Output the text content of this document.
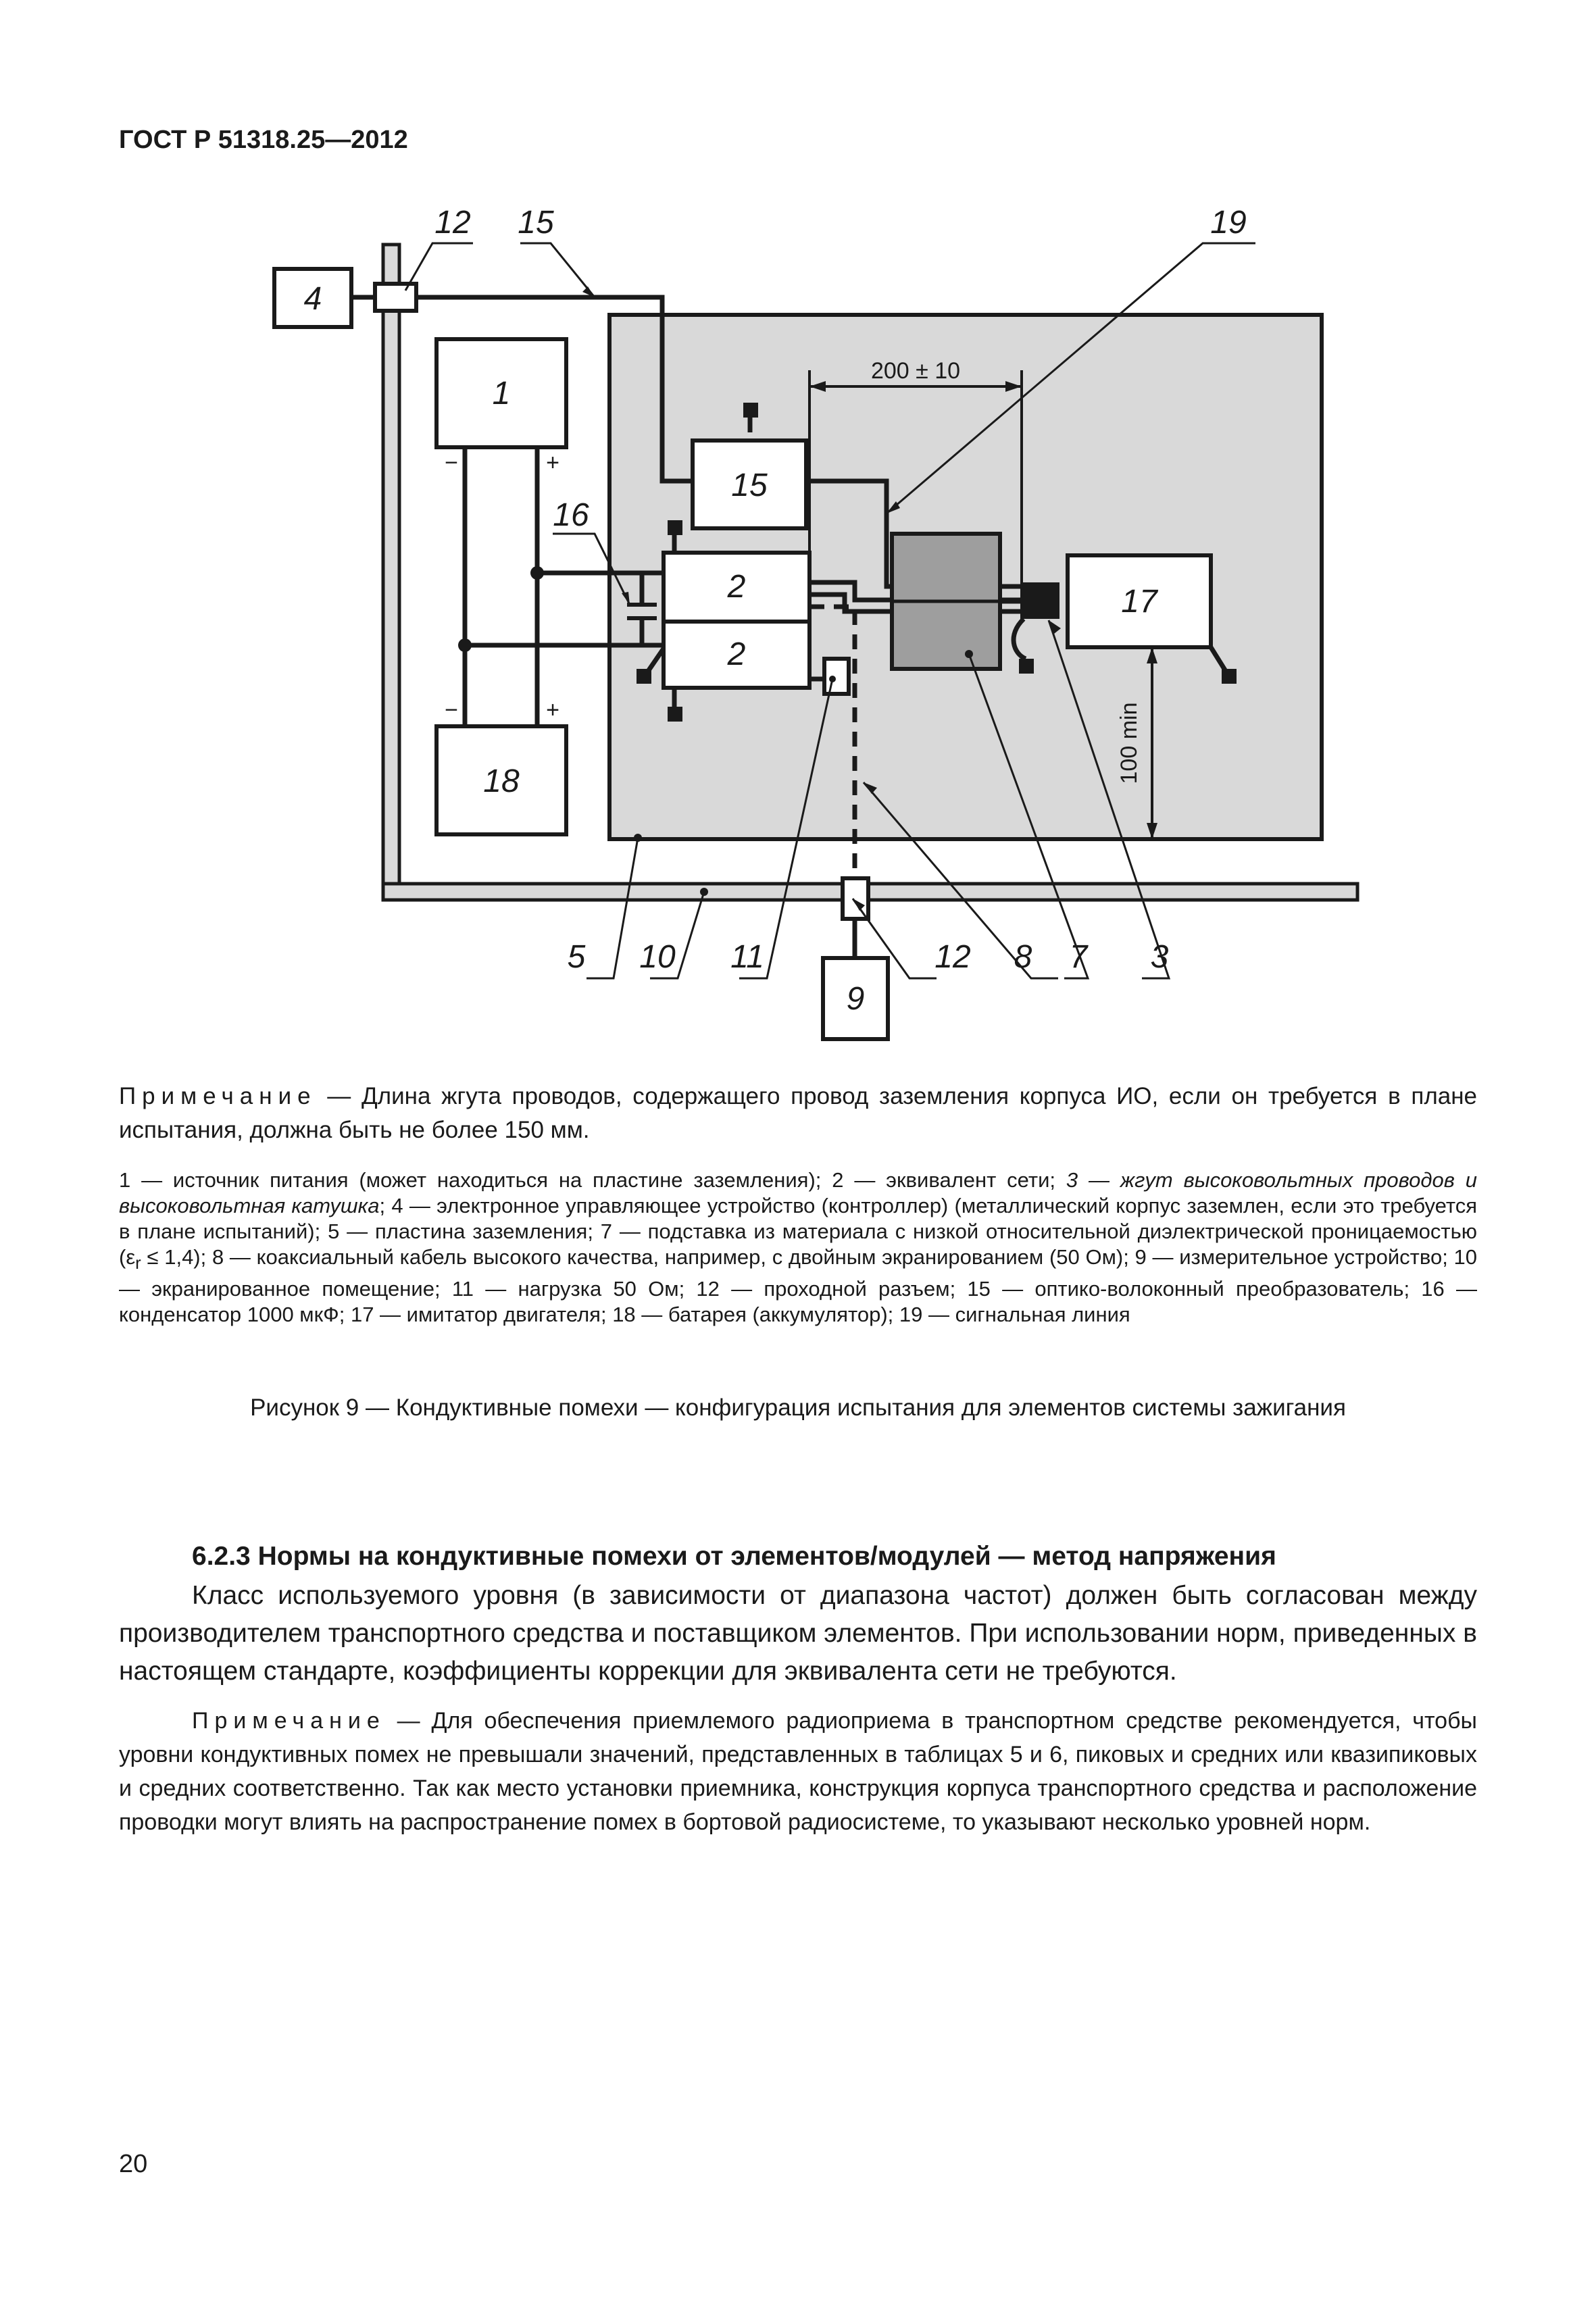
ГОСТ Р 51318.25—2012
4
12 15	19
1
18
15
16
2
2
17
9
5 10 11	12 8 7 3
−	+
−	+
200 ± 10
100 min
Примечание — Длина жгута проводов, содержащего провод заземления корпуса ИО, если он требуется в плане испытания, должна быть не более 150 мм.
1 — источник питания (может находиться на пластине заземления); 2 — эквивалент сети; 3 — жгут высоковольтных проводов и высоковольтная катушка; 4 — электронное управляющее устройство (контроллер) (металлический корпус заземлен, если это требуется в плане испытаний); 5 — пластина заземления; 7 — подставка из материала с низкой относительной диэлектрической проницаемостью $(\varepsilon_r \le 1,4)$; 8 — коаксиальный кабель высокого качества, например, с двойным экранированием (50 Ом); 9 — измерительное устройство; 10 — экранированное помещение; 11 — нагрузка 50 Ом; 12 — проходной разъем; 15 — оптико-волоконный преобразователь; 16 — конденсатор 1000 мкФ; 17 — имитатор двигателя; 18 — батарея (аккумулятор); 19 — сигнальная линия
Рисунок 9 — Кондуктивные помехи — конфигурация испытания для элементов системы зажигания
6.2.3 Нормы на кондуктивные помехи от элементов/модулей — метод напряжения
Класс используемого уровня (в зависимости от диапазона частот) должен быть согласован между производителем транспортного средства и поставщиком элементов. При использовании норм, приведенных в настоящем стандарте, коэффициенты коррекции для эквивалента сети не требуются.
Примечание — Для обеспечения приемлемого радиоприема в транспортном средстве рекомендуется, чтобы уровни кондуктивных помех не превышали значений, представленных в таблицах 5 и 6, пиковых и средних или квазипиковых и средних соответственно. Так как место установки приемника, конструкция корпуса транспортного средства и расположение проводки могут влиять на распространение помех в бортовой радиосистеме, то указывают несколько уровней норм.
20
